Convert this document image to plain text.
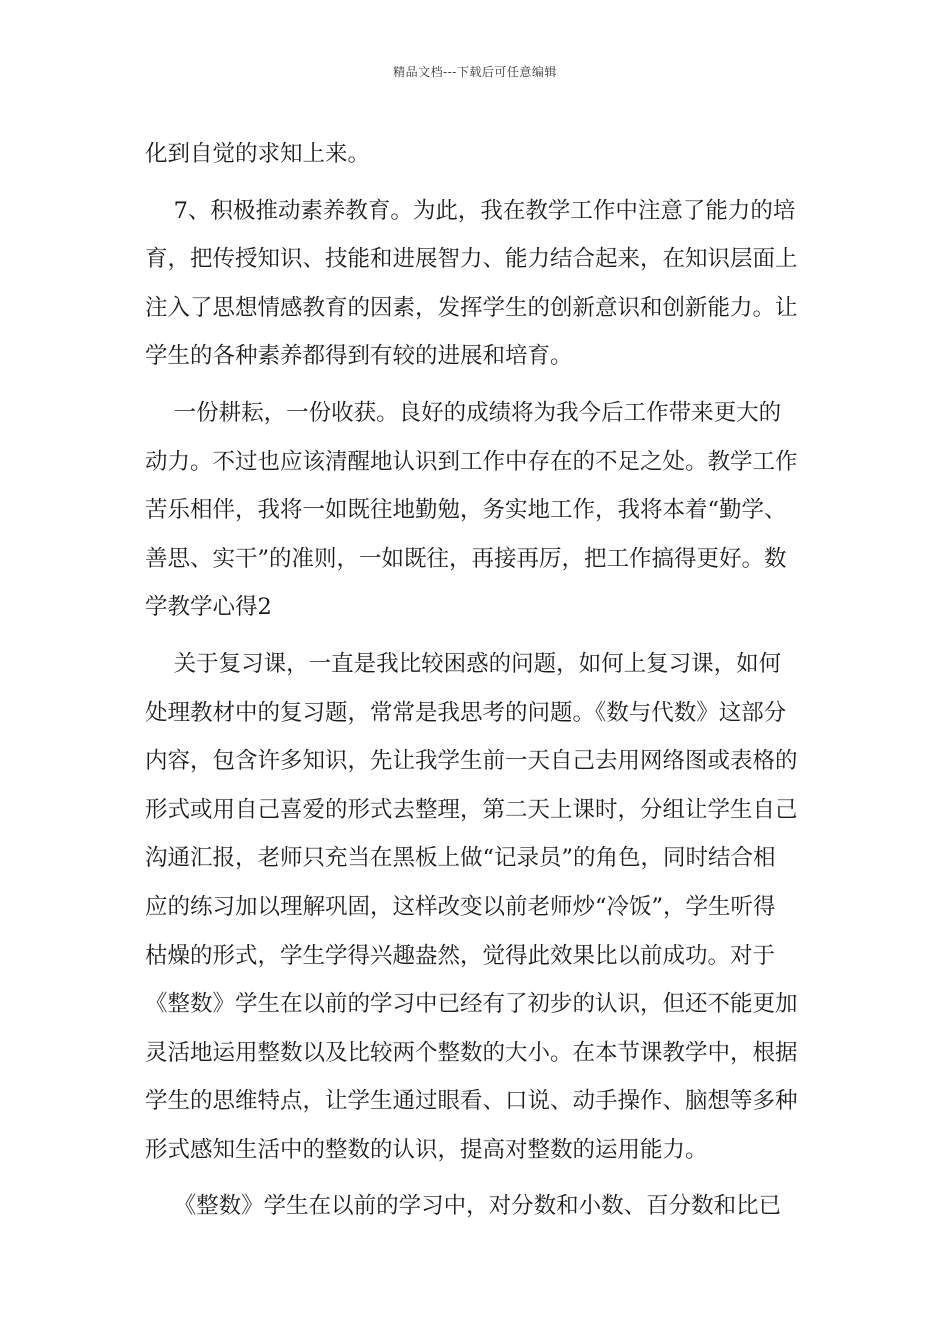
精品文档---下载后可任意编辑
化到自觉的求知上来。
7、积极推动素养教育。为此，我在教学工作中注意了能力的培
育，把传授知识、技能和进展智力、能力结合起来，在知识层面上
注入了思想情感教育的因素，发挥学生的创新意识和创新能力。让
学生的各种素养都得到有较的进展和培育。
一份耕耘，一份收获。良好的成绩将为我今后工作带来更大的
动力。不过也应该清醒地认识到工作中存在的不足之处。教学工作
苦乐相伴，我将一如既往地勤勉，务实地工作，我将本着“勤学、
善思、实干”的准则，一如既往，再接再厉，把工作搞得更好。数
学教学心得2
关于复习课，一直是我比较困惑的问题，如何上复习课，如何
处理教材中的复习题，常常是我思考的问题。《数与代数》这部分
内容，包含许多知识，先让我学生前一天自己去用网络图或表格的
形式或用自己喜爱的形式去整理，第二天上课时，分组让学生自己
沟通汇报，老师只充当在黑板上做“记录员”的角色，同时结合相
应的练习加以理解巩固，这样改变以前老师炒“冷饭”，学生听得
枯燥的形式，学生学得兴趣盎然，觉得此效果比以前成功。对于
《整数》学生在以前的学习中已经有了初步的认识，但还不能更加
灵活地运用整数以及比较两个整数的大小。在本节课教学中，根据
学生的思维特点，让学生通过眼看、口说、动手操作、脑想等多种
形式感知生活中的整数的认识，提高对整数的运用能力。
《整数》学生在以前的学习中，对分数和小数、百分数和比已
